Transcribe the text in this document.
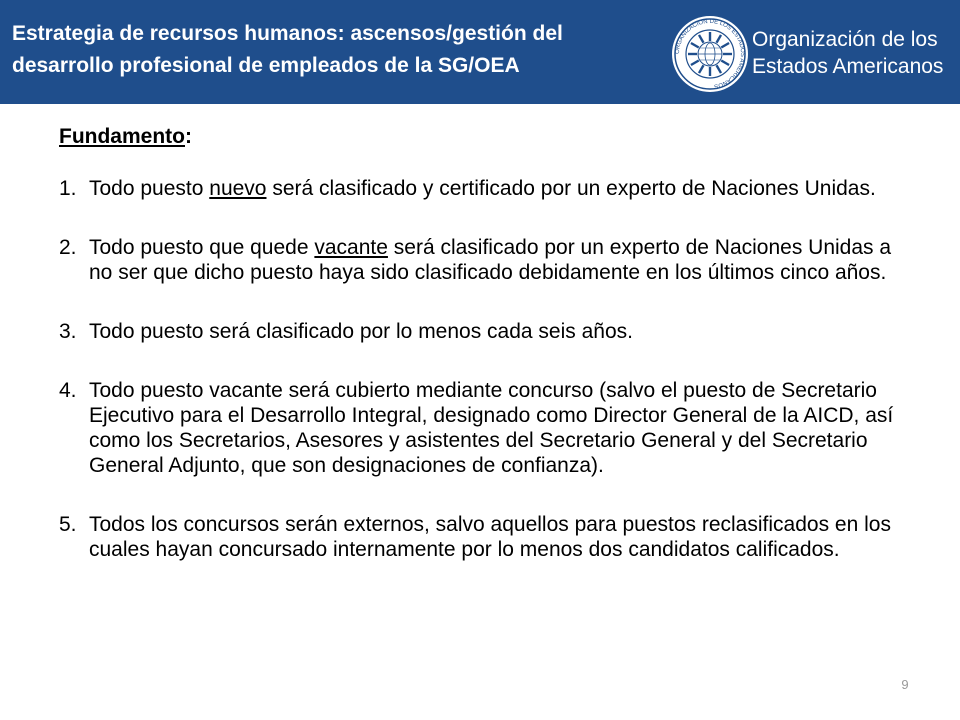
Estrategia de recursos humanos: ascensos/gestión del desarrollo profesional de empleados de la SG/OEA
ORGANIZACION DE LOS ESTADOS AMERICANOS
Organización de los
Estados Americanos

Fundamento:

1. Todo puesto nuevo será clasificado y certificado por un experto de Naciones Unidas.
2. Todo puesto que quede vacante será clasificado por un experto de Naciones Unidas a no ser que dicho puesto haya sido clasificado debidamente en los últimos cinco años.
3. Todo puesto será clasificado por lo menos cada seis años.
4. Todo puesto vacante será cubierto mediante concurso (salvo el puesto de Secretario Ejecutivo para el Desarrollo Integral, designado como Director General de la AICD, así como los Secretarios, Asesores y asistentes del Secretario General y del Secretario General Adjunto, que son designaciones de confianza).
5. Todos los concursos serán externos, salvo aquellos para puestos reclasificados en los cuales hayan concursado internamente por lo menos dos candidatos calificados.
9
